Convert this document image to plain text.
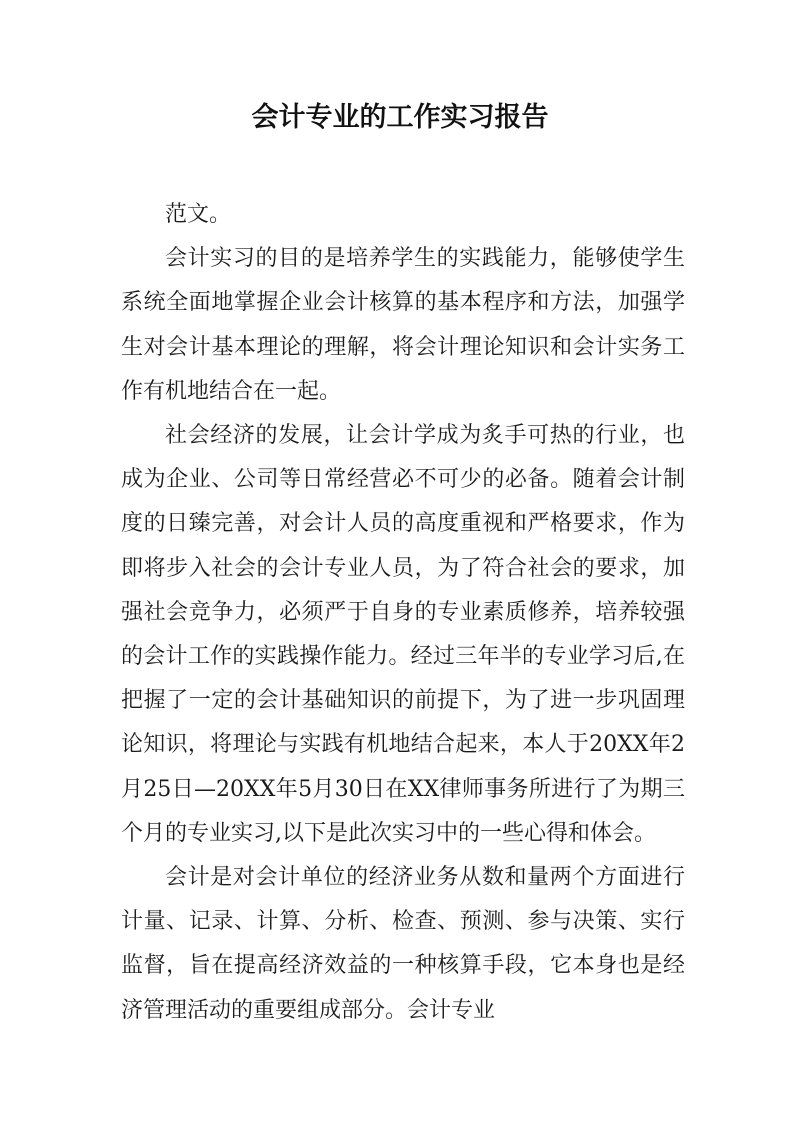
会计专业的工作实习报告

范文。

会计实习的目的是培养学生的实践能力，能够使学生系统全面地掌握企业会计核算的基本程序和方法，加强学生对会计基本理论的理解，将会计理论知识和会计实务工作有机地结合在一起。

社会经济的发展，让会计学成为炙手可热的行业，也成为企业、公司等日常经营必不可少的必备。随着会计制度的日臻完善，对会计人员的高度重视和严格要求，作为即将步入社会的会计专业人员，为了符合社会的要求，加强社会竞争力，必须严于自身的专业素质修养，培养较强的会计工作的实践操作能力。经过三年半的专业学习后,在把握了一定的会计基础知识的前提下，为了进一步巩固理论知识，将理论与实践有机地结合起来，本人于20XX年2月25日—20XX年5月30日在XX律师事务所进行了为期三个月的专业实习,以下是此次实习中的一些心得和体会。

会计是对会计单位的经济业务从数和量两个方面进行计量、记录、计算、分析、检查、预测、参与决策、实行监督，旨在提高经济效益的一种核算手段，它本身也是经济管理活动的重要组成部分。会计专业
